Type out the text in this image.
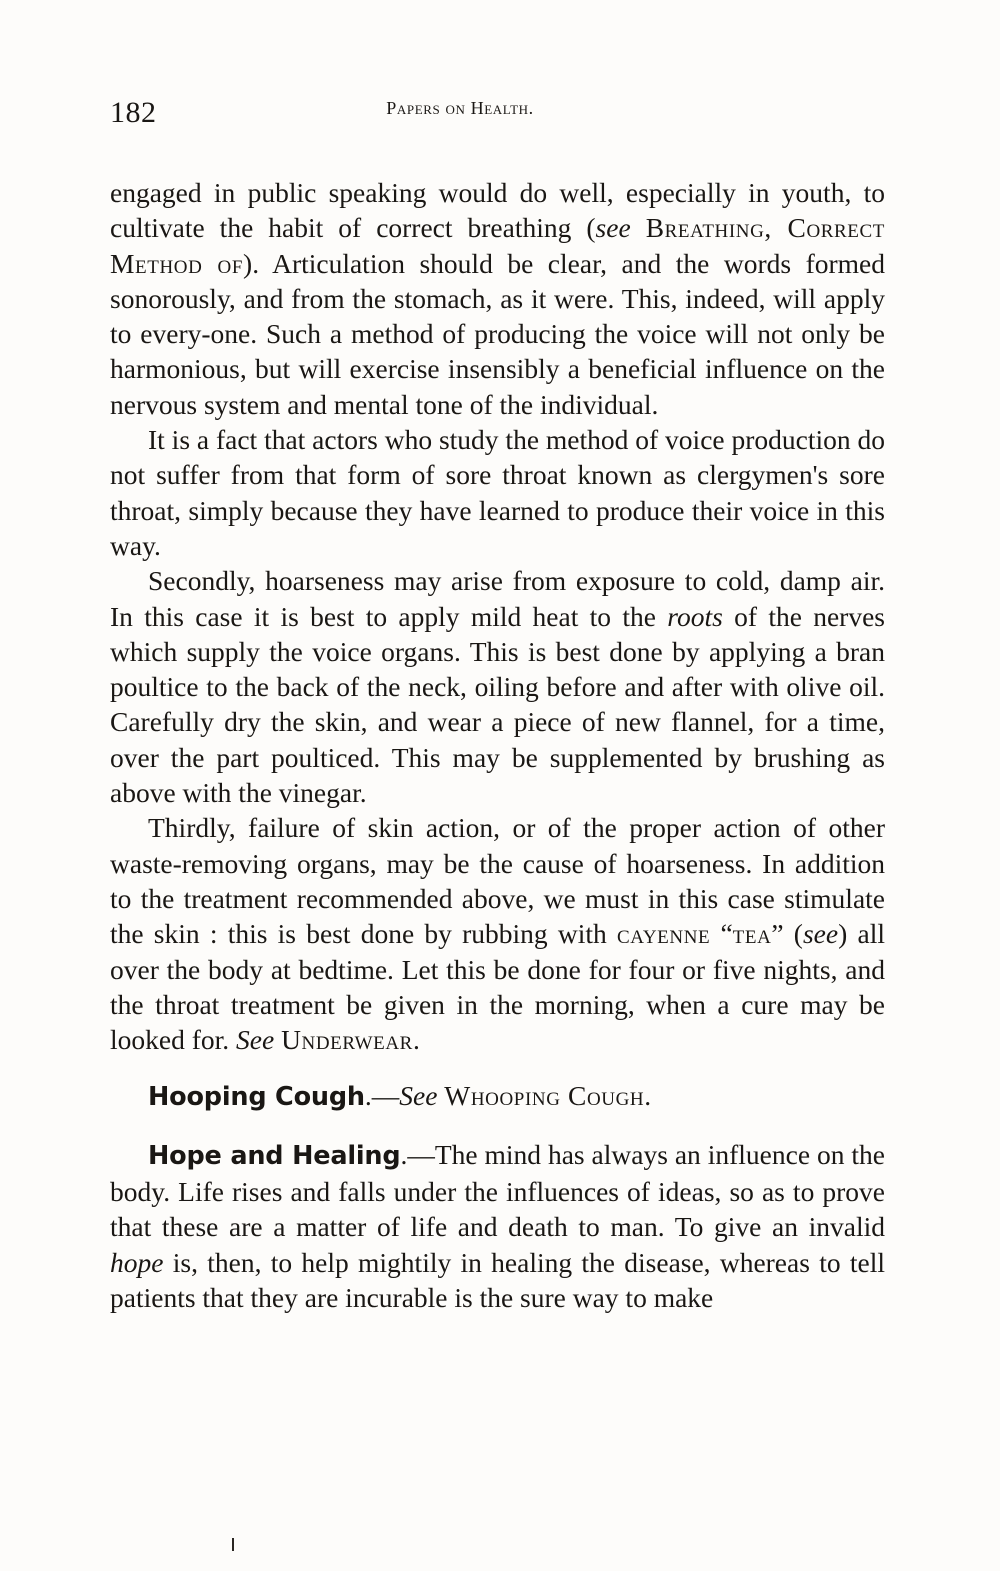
182	Papers on Health.

engaged in public speaking would do well, especially in youth, to cultivate the habit of correct breathing (see Breathing, Correct Method of). Articulation should be clear, and the words formed sonorously, and from the stomach, as it were. This, indeed, will apply to every-one. Such a method of producing the voice will not only be harmonious, but will exercise insensibly a beneficial influence on the nervous system and mental tone of the individual.

It is a fact that actors who study the method of voice production do not suffer from that form of sore throat known as clergymen's sore throat, simply because they have learned to produce their voice in this way.

Secondly, hoarseness may arise from exposure to cold, damp air. In this case it is best to apply mild heat to the roots of the nerves which supply the voice organs. This is best done by applying a bran poultice to the back of the neck, oiling before and after with olive oil. Carefully dry the skin, and wear a piece of new flannel, for a time, over the part poulticed. This may be supplemented by brushing as above with the vinegar.

Thirdly, failure of skin action, or of the proper action of other waste-removing organs, may be the cause of hoarseness. In addition to the treatment recommended above, we must in this case stimulate the skin : this is best done by rubbing with cayenne “tea” (see) all over the body at bedtime. Let this be done for four or five nights, and the throat treatment be given in the morning, when a cure may be looked for. See Underwear.

Hooping Cough.—See Whooping Cough.

Hope and Healing.—The mind has always an influence on the body. Life rises and falls under the influences of ideas, so as to prove that these are a matter of life and death to man. To give an invalid hope is, then, to help mightily in healing the disease, whereas to tell patients that they are incurable is the sure way to make
